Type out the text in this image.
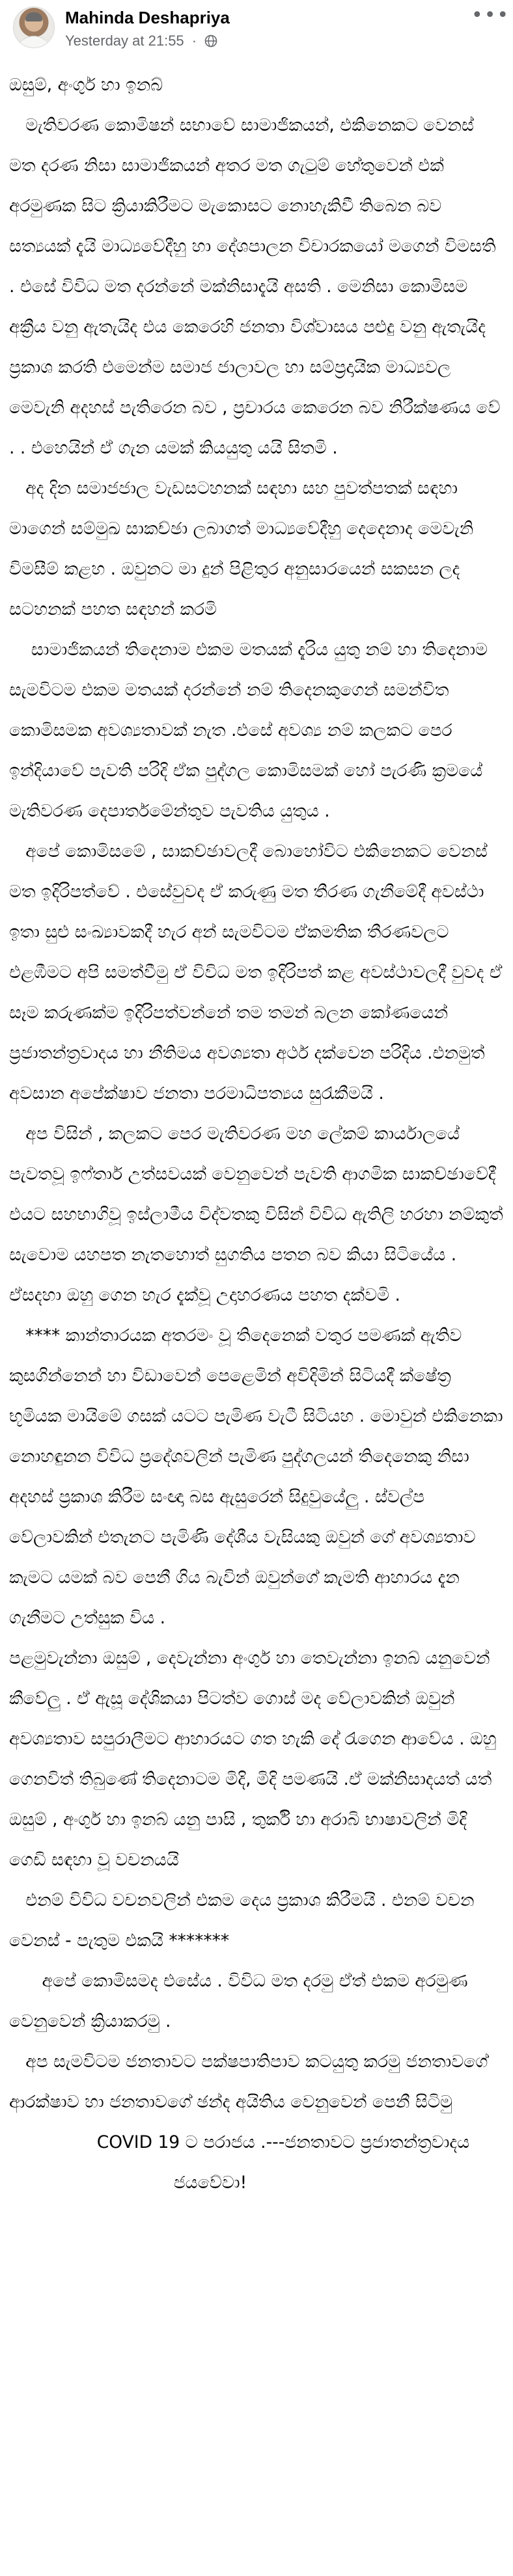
Mahinda Deshapriya
Yesterday at 21:55 ·
•••

ඔසුම්, අංගුර් හා ඉනබ්

මැතිවරණ කොමිෂන් සභාවේ සාමාජිකයන්, එකිනෙකට වෙනස් මත දරණ නිසා සාමාජිකයන් අතර මත ගැටුම් හේතුවෙන් එක් අරමුණක සිට ක්‍රියාකිරීමට මැකොසට නොහැකිවී තිබෙන බව සත්‍යයක් දැයි මාධ්‍යවේදීහු හා දේශපාලන විචාරකයෝ මගෙන් විමසති . එසේ විවිධ මත දරන්නේ මක්නිසාදැයි අසති . මෙනිසා කොමිසම අක්‍රීය වනු ඇතැයිද එය කෙරෙහි ජනතා විශ්වාසය පළුදු වනු ඇතැයිද ප්‍රකාශ කරති එමෙන්ම සමාජ ජාලාවල හා සම්ප්‍රදායික මාධ්‍යවල මෙවැනි අදහස් පැතිරෙන බව , ප්‍රචාරය කෙරෙන බව නිරීක්ෂණය වේ . . එහෙයින් ඒ ගැන යමක් කියයුතු යයි සිතමි .

අද දින සමාජජාල වැඩසටහනක් සඳහා සහ පුවත්පතක් සඳහා මාගෙන් සම්මුඛ සාකච්ඡා ලබාගත් මාධ්‍යවේදීහු දෙදෙනාද මෙවැනි විමසීම් කළහ . ඔවුනට මා දුන් පිළිතුර අනුසාරයෙන් සකසන ලද සටහනක් පහත සඳහන් කරමි

සාමාජිකයන් තිදෙනාම එකම මතයක් දැරිය යුතු නම් හා තිදෙනාම සැමවිටම එකම මතයක් දරන්නේ නම් තිදෙනකුගෙන් සමන්විත කොමිසමක අවශ්‍යතාවක් නැත .එසේ අවශ්‍ය නම් කලකට පෙර ඉන්දියාවේ පැවති පරිදි ඒක පුද්ගල කොමිසමක් හෝ පැරණි ක්‍රමයේ මැතිවරණ දෙපාර්තමේන්තුව පැවතිය යුතුය .

අපේ කොමිසමේ , සාකච්ඡාවලදී බොහෝවිට එකිනෙකට වෙනස් මත ඉදිරිපත්වේ . එසේවුවද ඒ කරුණු මත තීරණ ගැනීමේදී අවස්ථා ඉතා සුළු සංඛ්‍යාවකදී හැර අන් සැමවිටම ඒකමතික තීරණවලට එළඹීමට අපි සමත්වීමු ඒ විවිධ මත ඉදිරිපත් කළ අවස්ථාවලදී වුවද ඒ සෑම කරුණක්ම ඉදිරිපත්වන්නේ තම තමන් බලන කෝණයෙන් ප්‍රජාතන්ත්‍රවාදය හා නීතිමය අවශ්‍යතා අර්ථ දක්වෙන පරිදිය .එනමුත් අවසාන අපේක්ෂාව ජනතා පරමාධිපත්‍යය සුරැකීමයි .

අප විසින් , කලකට පෙර මැතිවරණ මහ ලේකම් කාර්යාලයේ පැවතවූ ඉෆ්තාර් උත්සවයක් වෙනුවෙන් පැවති ආගමික සාකච්ඡාවේදී එයට සහභාගිවූ ඉස්ලාමීය විද්වතකු විසින් විවිධ ඇතිලි හරහා නම්කුත් සැවොම යහපත නැතහොත් සුගතිය පතන බව කියා සිටියේය . ඒසදහා ඔහු ගෙන හැර දැක්වූ උදාහරණය පහත දක්වමි .

**** කාන්තාරයක අතරමං වූ තිදෙනෙක් වතුර පමණක් ඇතිව කුසගින්නෙන් හා විඩාවෙන් පෙළෙමින් අවිදිමින් සිටියදී ක්ෂේත්‍ර භූමියක මායිමේ ගසක් යටට පැමිණ වැටී සිටියහ . මොවුන් එකිනෙකා නොහඳුනන විවිධ ප්‍රදේශවලින් පැමිණ පුද්ගලයන් තිදෙනෙකු නිසා අදහස් ප්‍රකාශ කිරීම සංඥා බස ඇසුරෙන් සිදුවුයේලු . ස්වල්ප වේලාවකින් එතැනට පැමිණි දේශීය වැසියකු ඔවුන් ගේ අවශ්‍යතාව කැමට යමක් බව පෙනී ගිය බැවින් ඔවුන්ගේ කැමති ආහාරය දැන ගැනීමට උත්සුක විය .

පළමුවැන්නා ඔසුම් , දෙවැන්නා අංගුර් හා තෙවැන්නා ඉනබ් යනුවෙන් කීවේලු . ඒ ඇසූ දේශිකයා පිටත්ව ගොස් මද වේලාවකින් ඔවුන් අවශ්‍යතාව සපුරාලීමට ආහාරයට ගත හැකි දේ රැගෙන ආවේය . ඔහු ගෙනවිත් තිබුණේ තිදෙනාටම මිදි, මිදි පමණයි .ඒ මක්නිසාදයත් යත් ඔසුම් , අංගුර් හා ඉනබ් යනු පාසි , තුර්කි හා අරාබි භාෂාවලින් මිදි ගෙඩි සඳහා වූ වචනයයි

එනම් විවිධ වචනවලින් එකම දෙය ප්‍රකාශ කිරීමයි . එනම් වචන වෙනස් - පැතුම එකයි *******

අපේ කොමිසමද එසේය . විවිධ මත දරමු ඒත් එකම අරමුණ වෙනුවෙන් ක්‍රියාකරමු .

අප සැමවිටම ජනතාවට පක්ෂපාතිපාව කටයුතු කරමු ජනතාවගේ ආරක්ෂාව හා ජනතාවගේ ඡන්ද අයිතිය වෙනුවෙන් පෙනී සිටිමු

COVID 19 ට පරාජය .---ජනතාවට ප්‍රජාතන්ත්‍රවාදය

ජයවේවා!
